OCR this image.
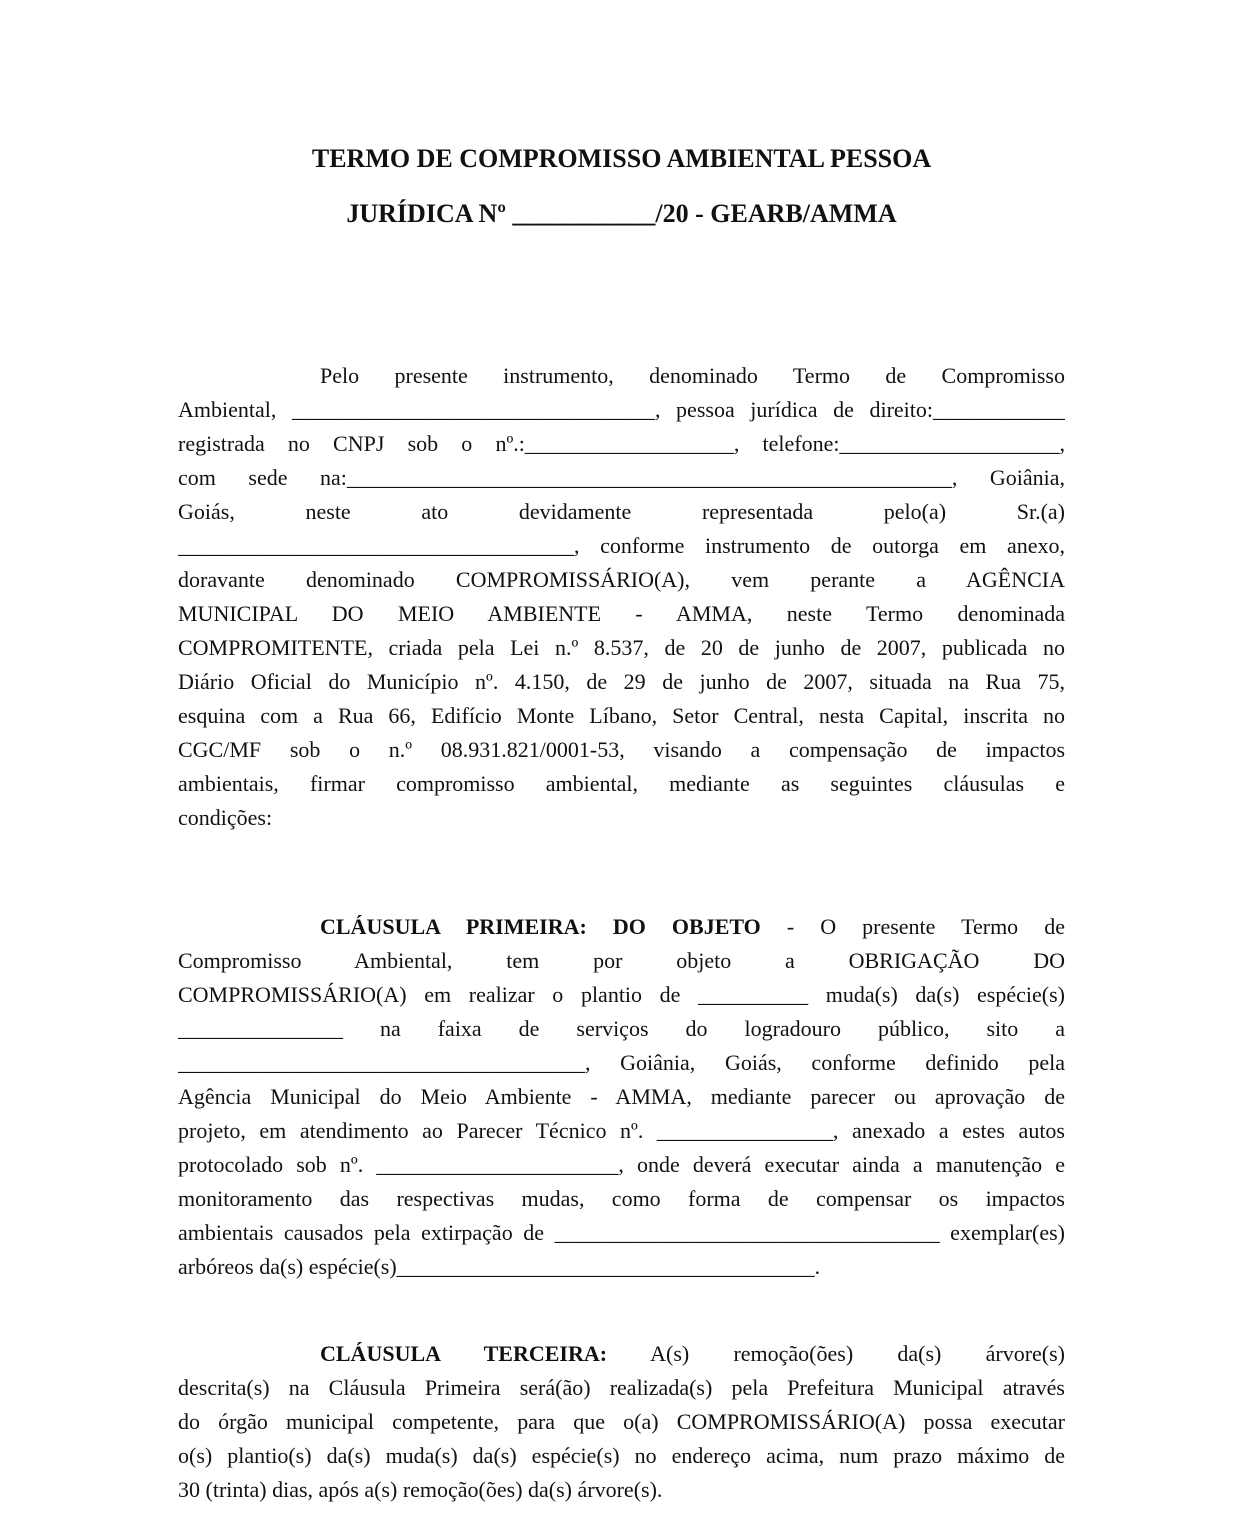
TERMO DE COMPROMISSO AMBIENTAL PESSOA
JURÍDICA Nº ___________/20 - GEARB/AMMA
Pelo presente instrumento, denominado Termo de Compromisso
Ambiental, _________________________________, pessoa jurídica de direito:____________
registrada no CNPJ sob o nº.:___________________, telefone:____________________,
com sede na:_______________________________________________________, Goiânia,
Goiás, neste ato devidamente representada pelo(a) Sr.(a)
____________________________________, conforme instrumento de outorga em anexo,
doravante denominado COMPROMISSÁRIO(A), vem perante a AGÊNCIA
MUNICIPAL DO MEIO AMBIENTE - AMMA, neste Termo denominada
COMPROMITENTE, criada pela Lei n.º 8.537, de 20 de junho de 2007, publicada no
Diário Oficial do Município nº. 4.150, de 29 de junho de 2007, situada na Rua 75,
esquina com a Rua 66, Edifício Monte Líbano, Setor Central, nesta Capital, inscrita no
CGC/MF sob o n.º 08.931.821/0001-53, visando a compensação de impactos
ambientais, firmar compromisso ambiental, mediante as seguintes cláusulas e
condições:
CLÁUSULA PRIMEIRA: DO OBJETO - O presente Termo de
Compromisso Ambiental, tem por objeto a OBRIGAÇÃO DO
COMPROMISSÁRIO(A) em realizar o plantio de __________ muda(s) da(s) espécie(s)
_______________ na faixa de serviços do logradouro público, sito a
_____________________________________, Goiânia, Goiás, conforme definido pela
Agência Municipal do Meio Ambiente - AMMA, mediante parecer ou aprovação de
projeto, em atendimento ao Parecer Técnico nº. ________________, anexado a estes autos
protocolado sob nº. ______________________, onde deverá executar ainda a manutenção e
monitoramento das respectivas mudas, como forma de compensar os impactos
ambientais causados pela extirpação de ___________________________________ exemplar(es)
arbóreos da(s) espécie(s)______________________________________.
CLÁUSULA TERCEIRA: A(s) remoção(ões) da(s) árvore(s)
descrita(s) na Cláusula Primeira será(ão) realizada(s) pela Prefeitura Municipal através
do órgão municipal competente, para que o(a) COMPROMISSÁRIO(A) possa executar
o(s) plantio(s) da(s) muda(s) da(s) espécie(s) no endereço acima, num prazo máximo de
30 (trinta) dias, após a(s) remoção(ões) da(s) árvore(s).
